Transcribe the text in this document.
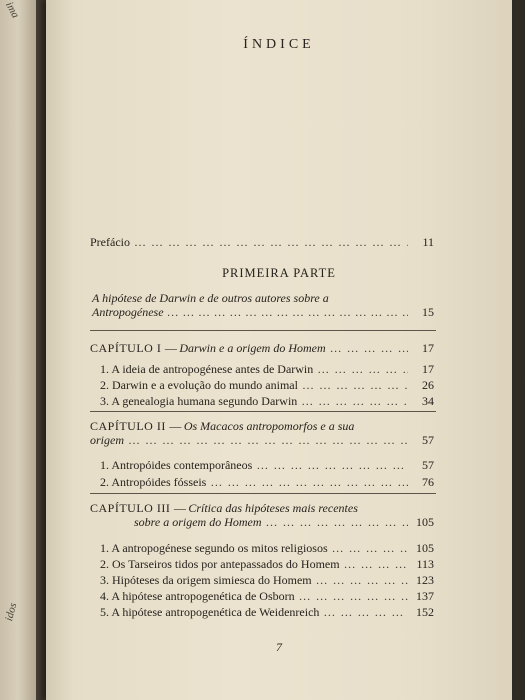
ima
idos
ÍNDICE
Prefácio … … … … … … … … … … … … … … … … … … … … … … … … … … … … … … … …	11
PRIMEIRA PARTE
A hipótese de Darwin e de outros autores sobre a
Antropogénese … … … … … … … … … … … … … … … … … … … … … … … … … … … … … … … …	15
CAPÍTULO I — Darwin e a origem do Homem … … … … … … … … … … … … … … … … … … … … … … … … … … … … … … … …	17
1. A ideia de antropogénese antes de Darwin … … … … … … … … … … … … … … … … … … … … … … … … … … … … … … … …	17
2. Darwin e a evolução do mundo animal … … … … … … … … … … … … … … … … … … … … … … … … … … … … … … … …	26
3. A genealogia humana segundo Darwin … … … … … … … … … … … … … … … … … … … … … … … … … … … … … … … …	34
CAPÍTULO II — Os Macacos antropomorfos e a sua
origem … … … … … … … … … … … … … … … … … … … … … … … … … … … … … … … …	57
1. Antropóides contemporâneos … … … … … … … … … … … … … … … … … … … … … … … … … … … … … … … …	57
2. Antropóides fósseis … … … … … … … … … … … … … … … … … … … … … … … … … … … … … … … …	76
CAPÍTULO III — Crítica das hipóteses mais recentes
sobre a origem do Homem … … … … … … … … … … … … … … … … … … … … … … … … … … … … … … … …	105
1. A antropogénese segundo os mitos religiosos … … … … … … … … … … … … … … … … … … … … … … … … … … … … … … … …	105
2. Os Tarseiros tidos por antepassados do Homem … … … … … … … … … … … … … … … … … … … … … … … … … … … … … … … …	113
3. Hipóteses da origem simiesca do Homem … … … … … … … … … … … … … … … … … … … … … … … … … … … … … … … …	123
4. A hipótese antropogenética de Osborn … … … … … … … … … … … … … … … … … … … … … … … … … … … … … … … …	137
5. A hipótese antropogenética de Weidenreich … … … … … … … … … … … … … … … … … … … … … … … … … … … … … … … …	152
7
